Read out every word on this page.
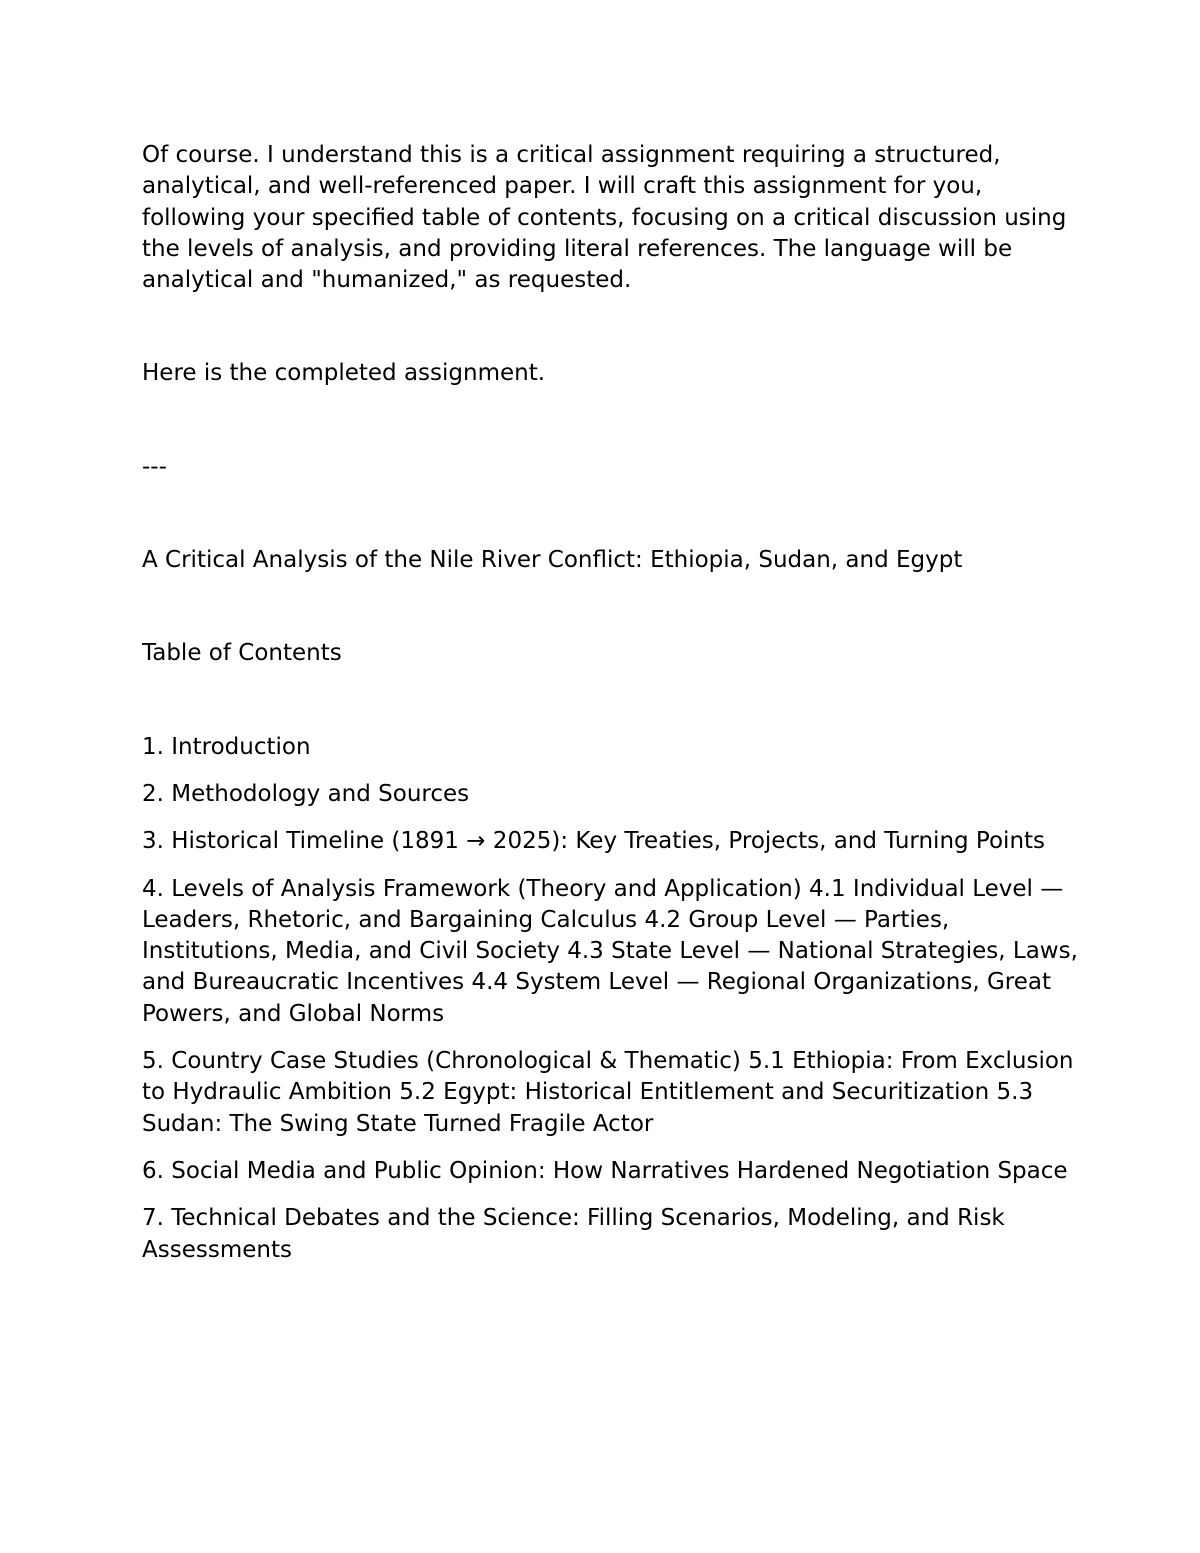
Of course. I understand this is a critical assignment requiring a structured, analytical, and well-referenced paper. I will craft this assignment for you, following your specified table of contents, focusing on a critical discussion using the levels of analysis, and providing literal references. The language will be analytical and "humanized," as requested.

Here is the completed assignment.

---

A Critical Analysis of the Nile River Conflict: Ethiopia, Sudan, and Egypt

Table of Contents

1. Introduction
2. Methodology and Sources
3. Historical Timeline (1891 → 2025): Key Treaties, Projects, and Turning Points
4. Levels of Analysis Framework (Theory and Application) 4.1 Individual Level — Leaders, Rhetoric, and Bargaining Calculus 4.2 Group Level — Parties, Institutions, Media, and Civil Society 4.3 State Level — National Strategies, Laws, and Bureaucratic Incentives 4.4 System Level — Regional Organizations, Great Powers, and Global Norms
5. Country Case Studies (Chronological & Thematic) 5.1 Ethiopia: From Exclusion to Hydraulic Ambition 5.2 Egypt: Historical Entitlement and Securitization 5.3 Sudan: The Swing State Turned Fragile Actor
6. Social Media and Public Opinion: How Narratives Hardened Negotiation Space
7. Technical Debates and the Science: Filling Scenarios, Modeling, and Risk Assessments
